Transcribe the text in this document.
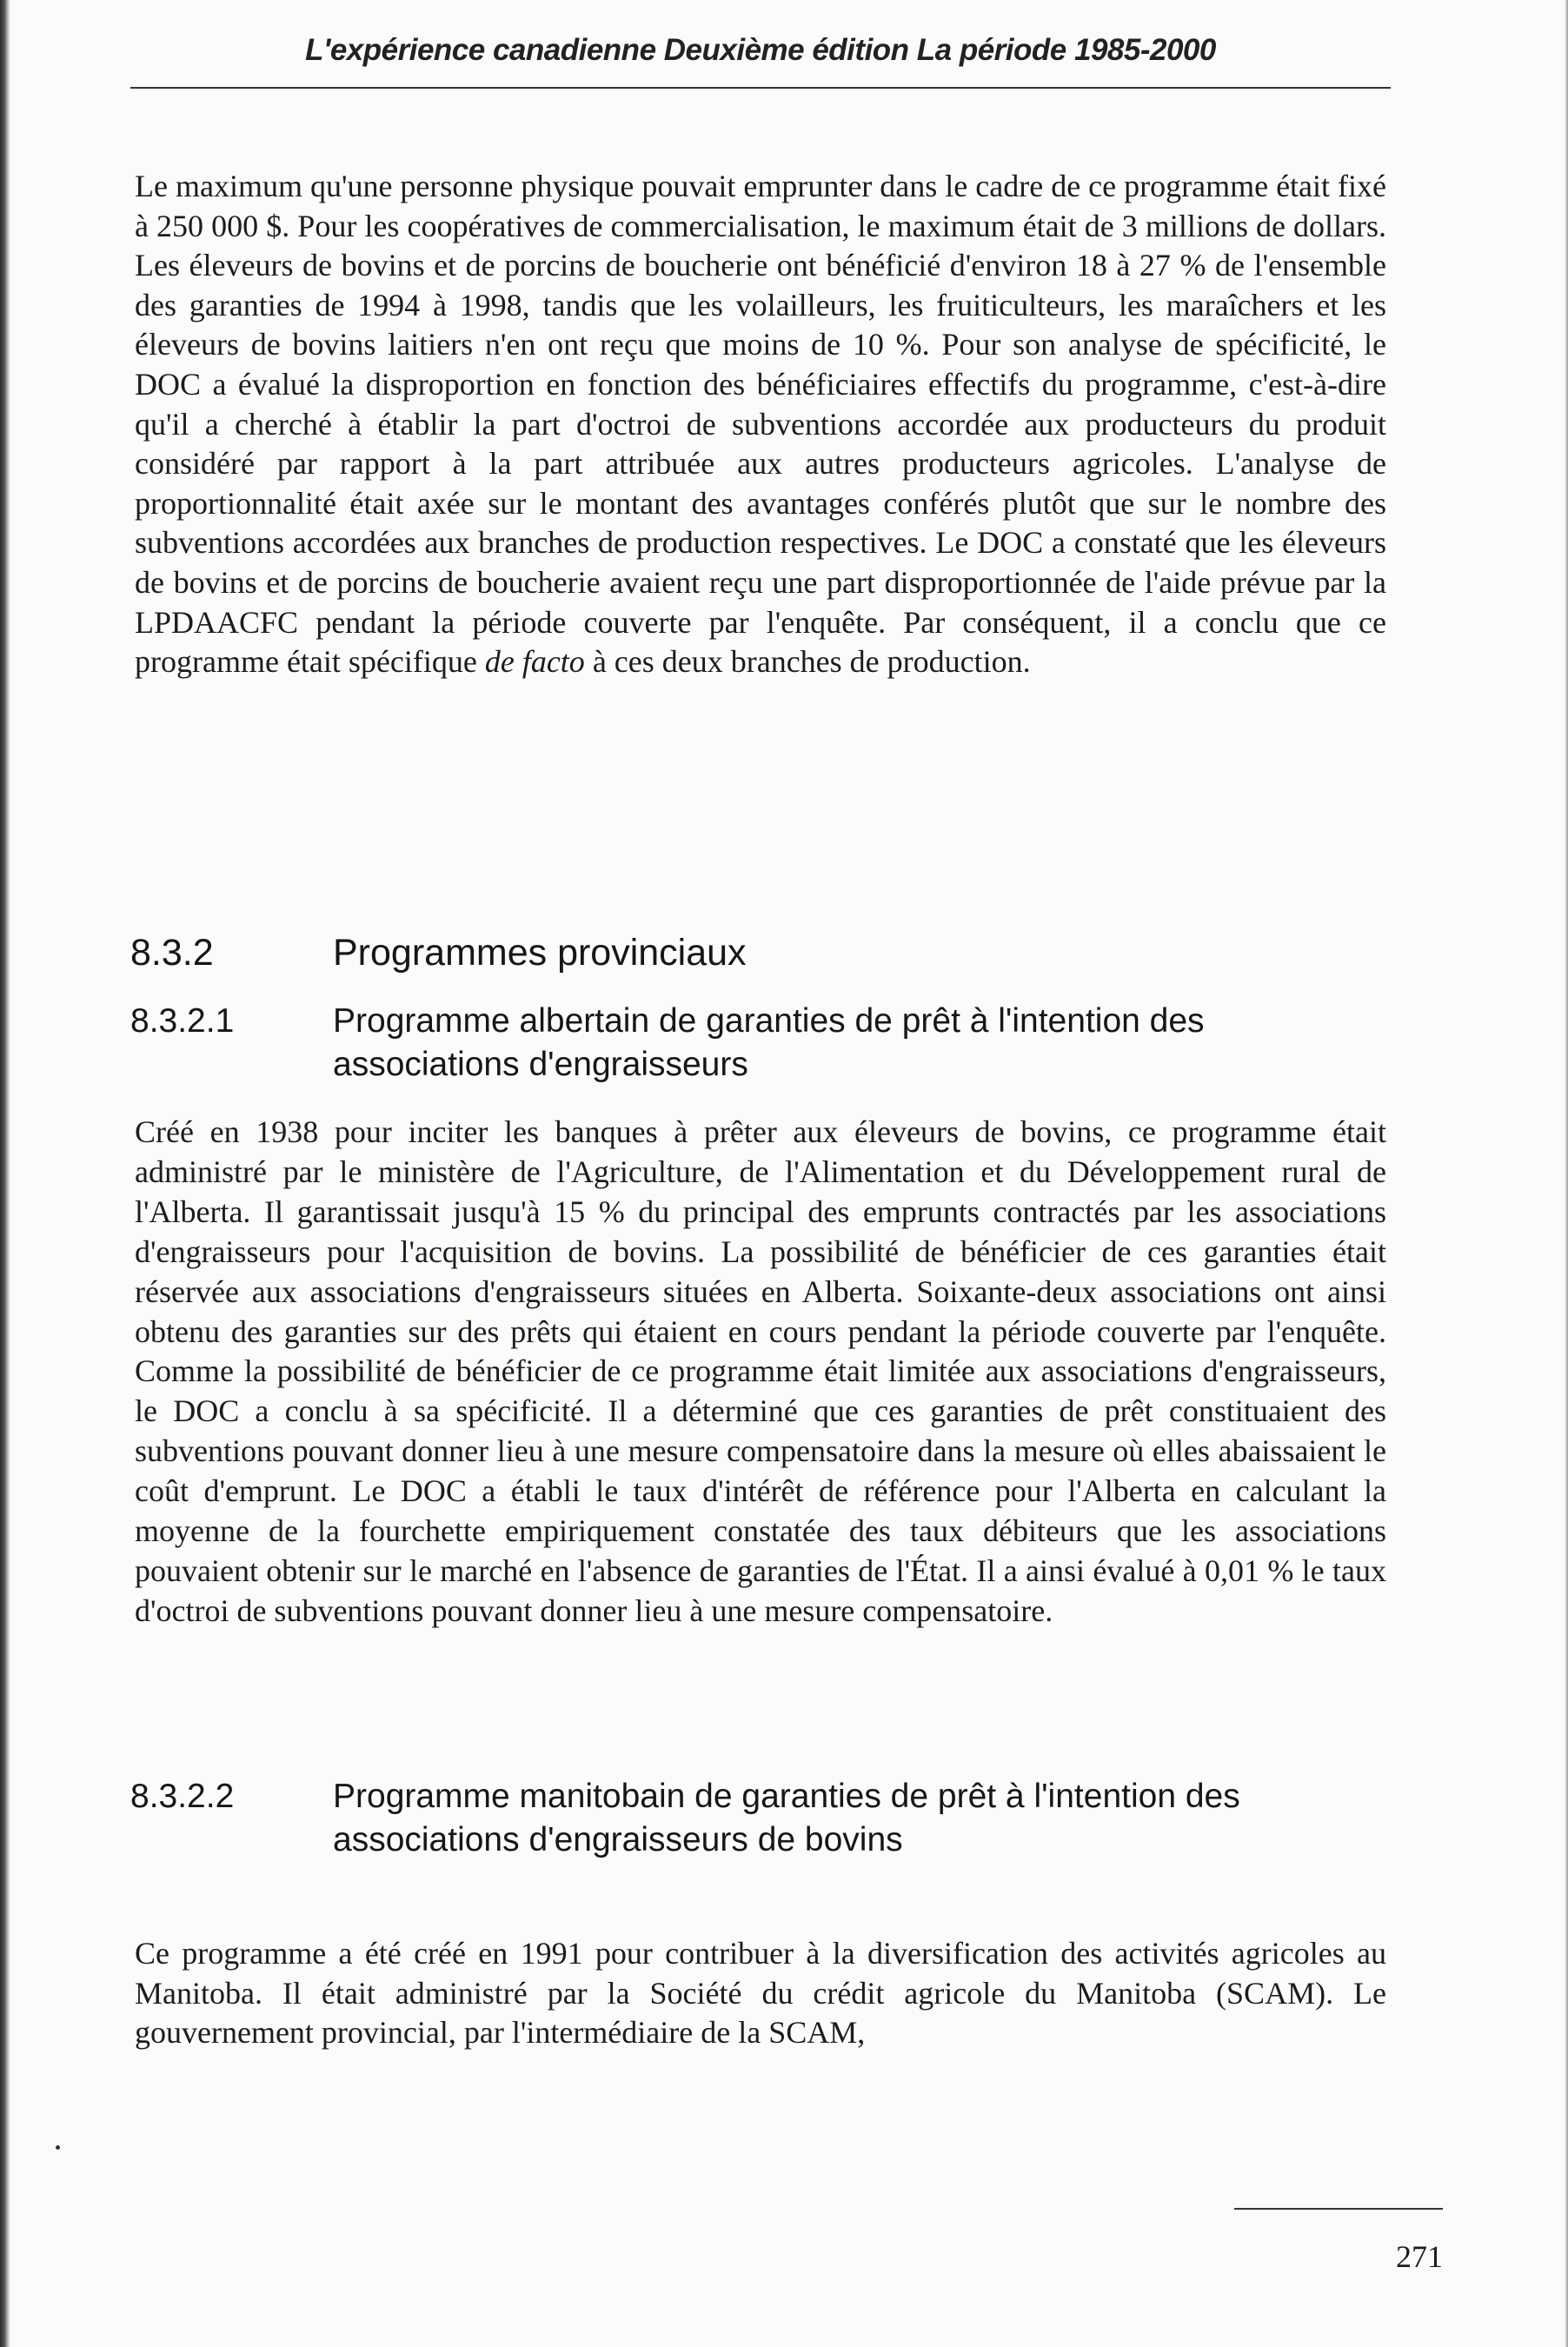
L'expérience canadienne Deuxième édition La période 1985-2000

Le maximum qu'une personne physique pouvait emprunter dans le cadre de ce programme était fixé à 250 000 $. Pour les coopératives de commercialisation, le maximum était de 3 millions de dollars. Les éleveurs de bovins et de porcins de boucherie ont bénéficié d'environ 18 à 27 % de l'ensemble des garanties de 1994 à 1998, tandis que les volailleurs, les fruiticulteurs, les maraîchers et les éleveurs de bovins laitiers n'en ont reçu que moins de 10 %. Pour son analyse de spécificité, le DOC a évalué la disproportion en fonction des bénéficiaires effectifs du programme, c'est-à-dire qu'il a cherché à établir la part d'octroi de subventions accordée aux producteurs du produit considéré par rapport à la part attribuée aux autres producteurs agricoles. L'analyse de proportionnalité était axée sur le montant des avantages conférés plutôt que sur le nombre des subventions accordées aux branches de production respectives. Le DOC a constaté que les éleveurs de bovins et de porcins de boucherie avaient reçu une part disproportionnée de l'aide prévue par la LPDAACFC pendant la période couverte par l'enquête. Par conséquent, il a conclu que ce programme était spécifique de facto à ces deux branches de production.

8.3.2	Programmes provinciaux
8.3.2.1	Programme albertain de garanties de prêt à l'intention des associations d'engraisseurs

Créé en 1938 pour inciter les banques à prêter aux éleveurs de bovins, ce programme était administré par le ministère de l'Agriculture, de l'Alimentation et du Développement rural de l'Alberta. Il garantissait jusqu'à 15 % du principal des emprunts contractés par les associations d'engraisseurs pour l'acquisition de bovins. La possibilité de bénéficier de ces garanties était réservée aux associations d'engraisseurs situées en Alberta. Soixante-deux associations ont ainsi obtenu des garanties sur des prêts qui étaient en cours pendant la période couverte par l'enquête. Comme la possibilité de bénéficier de ce programme était limitée aux associations d'engraisseurs, le DOC a conclu à sa spécificité. Il a déterminé que ces garanties de prêt constituaient des subventions pouvant donner lieu à une mesure compensatoire dans la mesure où elles abaissaient le coût d'emprunt. Le DOC a établi le taux d'intérêt de référence pour l'Alberta en calculant la moyenne de la fourchette empiriquement constatée des taux débiteurs que les associations pouvaient obtenir sur le marché en l'absence de garanties de l'État. Il a ainsi évalué à 0,01 % le taux d'octroi de subventions pouvant donner lieu à une mesure compensatoire.

8.3.2.2	Programme manitobain de garanties de prêt à l'intention des associations d'engraisseurs de bovins

Ce programme a été créé en 1991 pour contribuer à la diversification des activités agricoles au Manitoba. Il était administré par la Société du crédit agricole du Manitoba (SCAM). Le gouvernement provincial, par l'intermédiaire de la SCAM,

271
